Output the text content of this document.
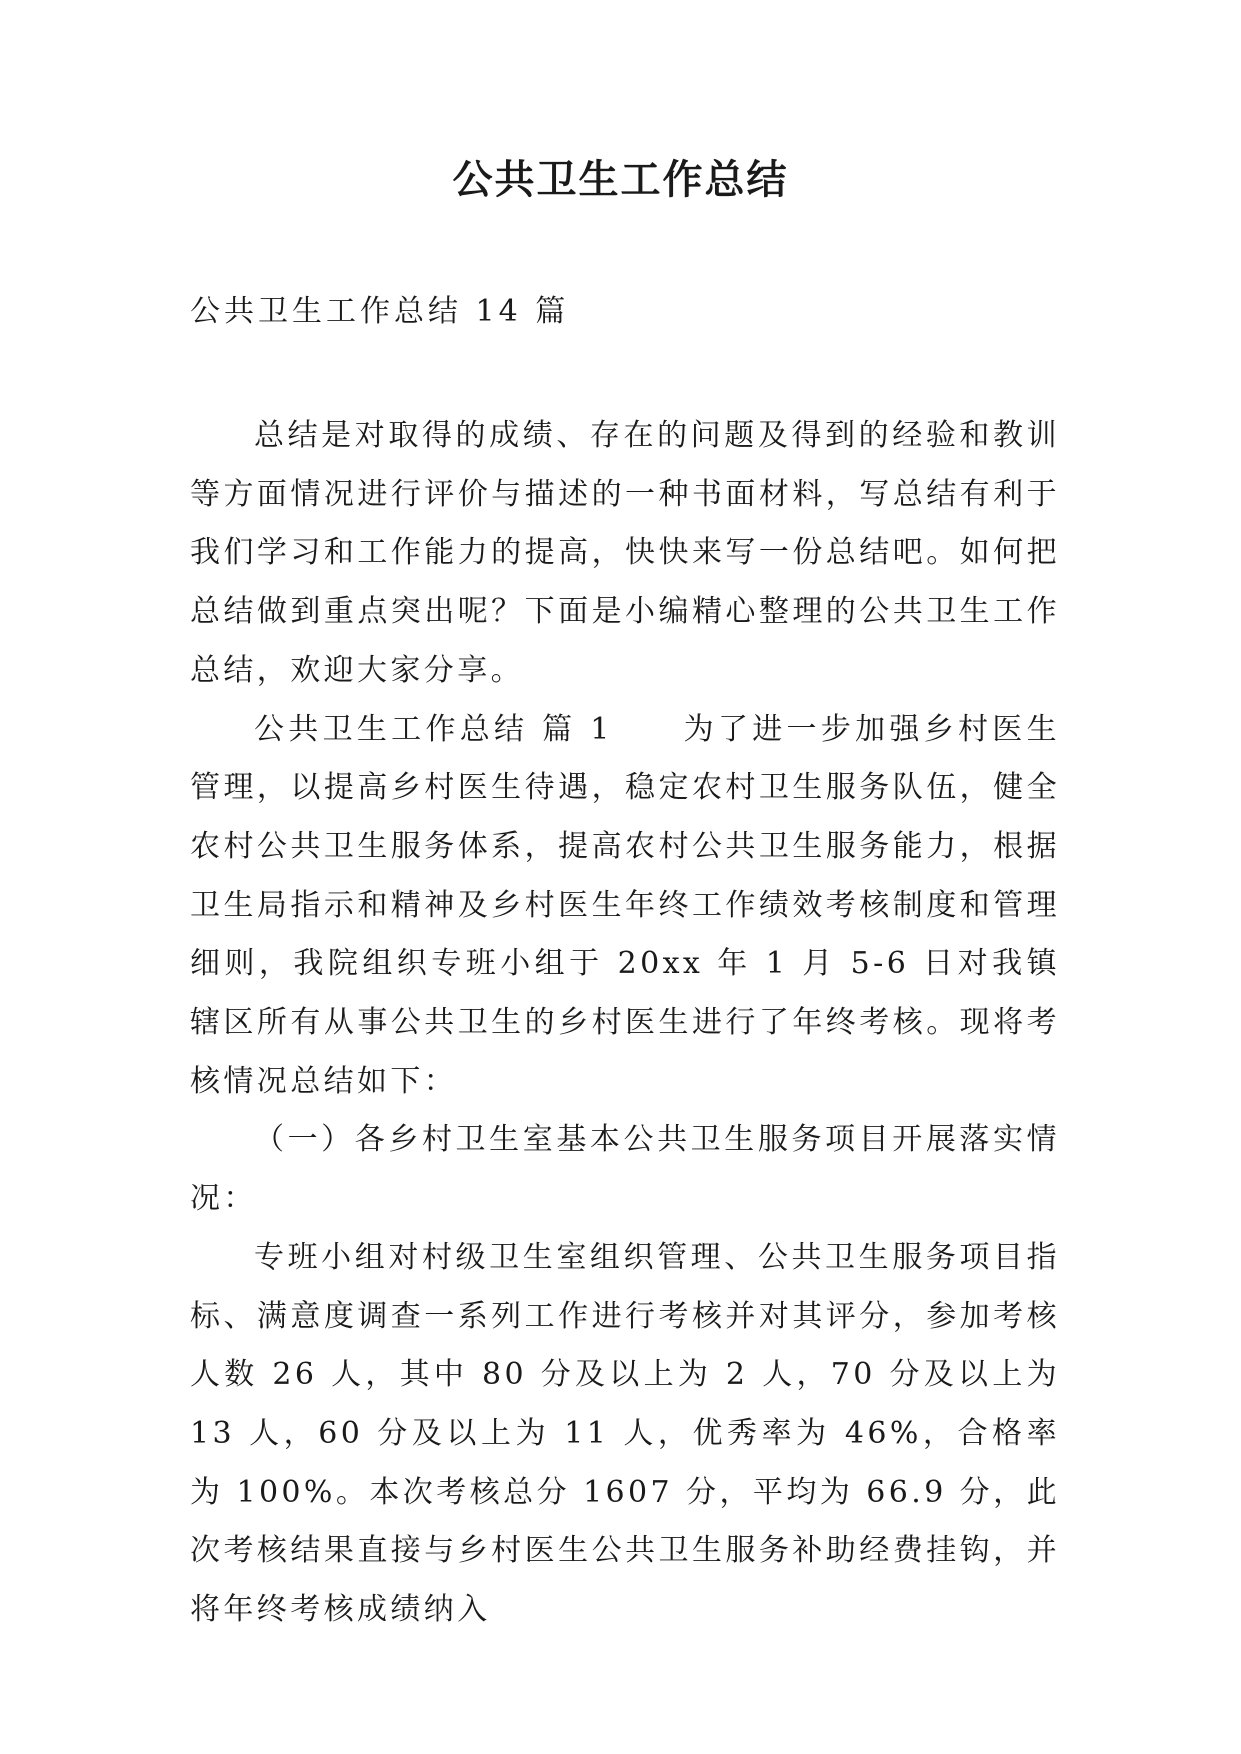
公共卫生工作总结

公共卫生工作总结 14 篇

总结是对取得的成绩、存在的问题及得到的经验和教训等方面情况进行评价与描述的一种书面材料，写总结有利于我们学习和工作能力的提高，快快来写一份总结吧。如何把总结做到重点突出呢？下面是小编精心整理的公共卫生工作总结，欢迎大家分享。

公共卫生工作总结 篇 1 为了进一步加强乡村医生管理，以提高乡村医生待遇，稳定农村卫生服务队伍，健全农村公共卫生服务体系，提高农村公共卫生服务能力，根据卫生局指示和精神及乡村医生年终工作绩效考核制度和管理细则，我院组织专班小组于 20xx 年 1 月 5-6 日对我镇辖区所有从事公共卫生的乡村医生进行了年终考核。现将考核情况总结如下：

（一）各乡村卫生室基本公共卫生服务项目开展落实情况：

专班小组对村级卫生室组织管理、公共卫生服务项目指标、满意度调查一系列工作进行考核并对其评分，参加考核人数 26 人，其中 80 分及以上为 2 人，70 分及以上为 13 人，60 分及以上为 11 人，优秀率为 46%，合格率为 100%。本次考核总分 1607 分，平均为 66.9 分，此次考核结果直接与乡村医生公共卫生服务补助经费挂钩，并将年终考核成绩纳入
